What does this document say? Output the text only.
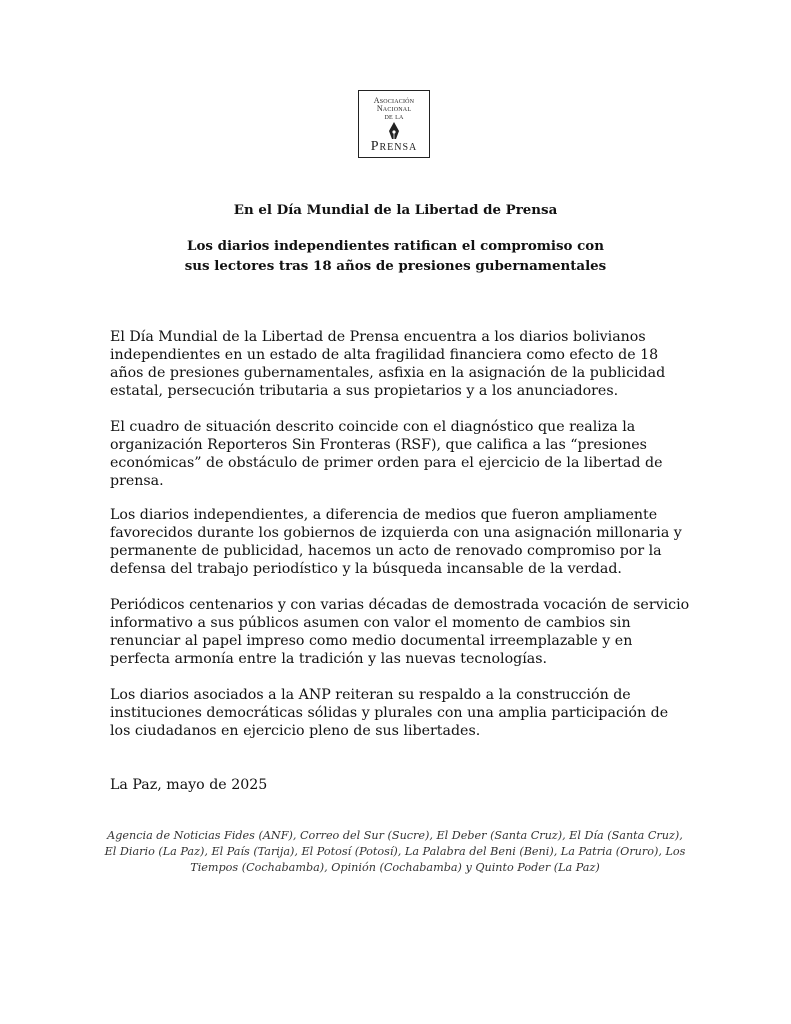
Asociación
Nacional
de la
Prensa
En el Día Mundial de la Libertad de Prensa
Los diarios independientes ratifican el compromiso con
sus lectores tras 18 años de presiones gubernamentales

El Día Mundial de la Libertad de Prensa encuentra a los diarios bolivianos independientes en un estado de alta fragilidad financiera como efecto de 18 años de presiones gubernamentales, asfixia en la asignación de la publicidad estatal, persecución tributaria a sus propietarios y a los anunciadores.

El cuadro de situación descrito coincide con el diagnóstico que realiza la organización Reporteros Sin Fronteras (RSF), que califica a las “presiones económicas” de obstáculo de primer orden para el ejercicio de la libertad de prensa.

Los diarios independientes, a diferencia de medios que fueron ampliamente favorecidos durante los gobiernos de izquierda con una asignación millonaria y permanente de publicidad, hacemos un acto de renovado compromiso por la defensa del trabajo periodístico y la búsqueda incansable de la verdad.

Periódicos centenarios y con varias décadas de demostrada vocación de servicio informativo a sus públicos asumen con valor el momento de cambios sin renunciar al papel impreso como medio documental irreemplazable y en perfecta armonía entre la tradición y las nuevas tecnologías.

Los diarios asociados a la ANP reiteran su respaldo a la construcción de instituciones democráticas sólidas y plurales con una amplia participación de los ciudadanos en ejercicio pleno de sus libertades.

La Paz, mayo de 2025

Agencia de Noticias Fides (ANF), Correo del Sur (Sucre), El Deber (Santa Cruz), El Día (Santa Cruz), El Diario (La Paz), El País (Tarija), El Potosí (Potosí), La Palabra del Beni (Beni), La Patria (Oruro), Los Tiempos (Cochabamba), Opinión (Cochabamba) y Quinto Poder (La Paz)
